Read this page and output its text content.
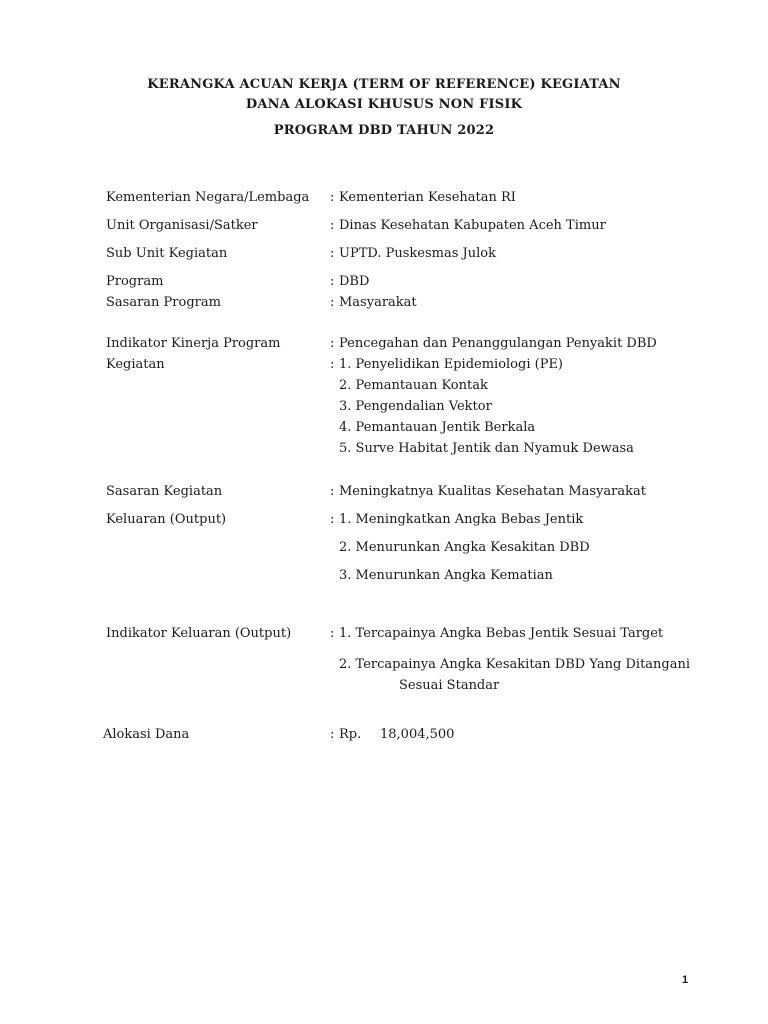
KERANGKA ACUAN KERJA (TERM OF REFERENCE) KEGIATAN
DANA ALOKASI KHUSUS NON FISIK
PROGRAM DBD TAHUN 2022
Kementerian Negara/Lembaga : Kementerian Kesehatan RI
Unit Organisasi/Satker	: Dinas Kesehatan Kabupaten Aceh Timur
Sub Unit Kegiatan	: UPTD. Puskesmas Julok
Program	: DBD
Sasaran Program	: Masyarakat
Indikator Kinerja Program	: Pencegahan dan Penanggulangan Penyakit DBD
Kegiatan	: 1. Penyelidikan Epidemiologi (PE)
2. Pemantauan Kontak
3. Pengendalian Vektor
4. Pemantauan Jentik Berkala
5. Surve Habitat Jentik dan Nyamuk Dewasa
Sasaran Kegiatan	: Meningkatnya Kualitas Kesehatan Masyarakat
Keluaran (Output)	: 1. Meningkatkan Angka Bebas Jentik
2. Menurunkan Angka Kesakitan DBD
3. Menurunkan Angka Kematian
Indikator Keluaran (Output)	: 1. Tercapainya Angka Bebas Jentik Sesuai Target
2. Tercapainya Angka Kesakitan DBD Yang Ditangani
Sesuai Standar
Alokasi Dana	: Rp. 18,004,500
1
